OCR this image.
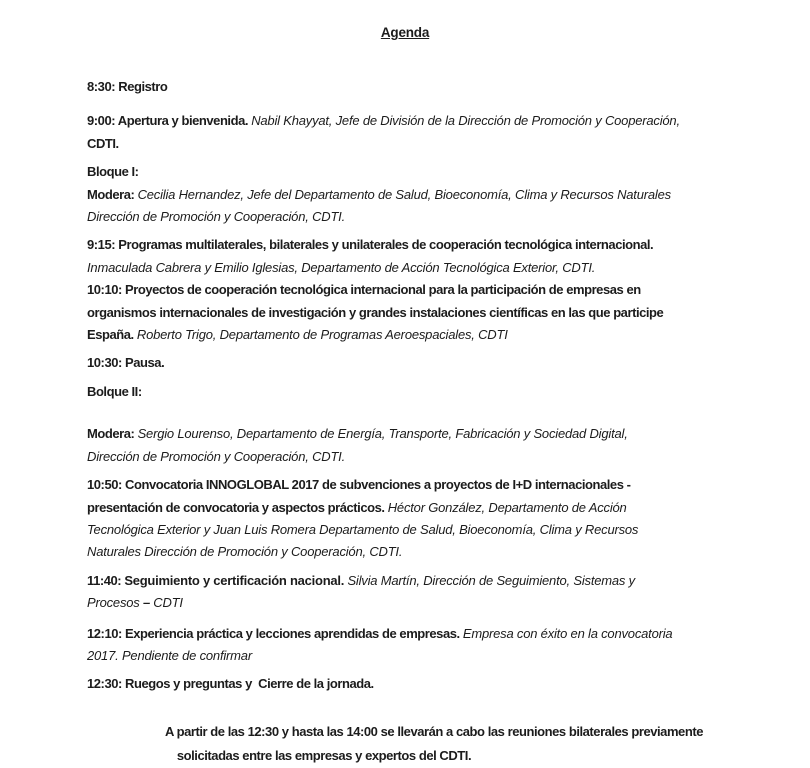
Agenda

8:30: Registro

9:00: Apertura y bienvenida. Nabil Khayyat, Jefe de División de la Dirección de Promoción y Cooperación,
CDTI.

Bloque I:
Modera: Cecilia Hernandez, Jefe del Departamento de Salud, Bioeconomía, Clima y Recursos Naturales
Dirección de Promoción y Cooperación, CDTI.

9:15: Programas multilaterales, bilaterales y unilaterales de cooperación tecnológica internacional.
Inmaculada Cabrera y Emilio Iglesias, Departamento de Acción Tecnológica Exterior, CDTI.
10:10: Proyectos de cooperación tecnológica internacional para la participación de empresas en
organismos internacionales de investigación y grandes instalaciones científicas en las que participe
España. Roberto Trigo, Departamento de Programas Aeroespaciales, CDTI

10:30: Pausa.

Bolque II:

Modera: Sergio Lourenso, Departamento de Energía, Transporte, Fabricación y Sociedad Digital,
Dirección de Promoción y Cooperación, CDTI.

10:50: Convocatoria INNOGLOBAL 2017 de subvenciones a proyectos de I+D internacionales -
presentación de convocatoria y aspectos prácticos. Héctor González, Departamento de Acción
Tecnológica Exterior y Juan Luis Romera Departamento de Salud, Bioeconomía, Clima y Recursos
Naturales Dirección de Promoción y Cooperación, CDTI.

11:40: Seguimiento y certificación nacional. Silvia Martín, Dirección de Seguimiento, Sistemas y
Procesos – CDTI

12:10: Experiencia práctica y lecciones aprendidas de empresas. Empresa con éxito en la convocatoria
2017. Pendiente de confirmar

12:30: Ruegos y preguntas y  Cierre de la jornada.

A partir de las 12:30 y hasta las 14:00 se llevarán a cabo las reuniones bilaterales previamente
solicitadas entre las empresas y expertos del CDTI.
